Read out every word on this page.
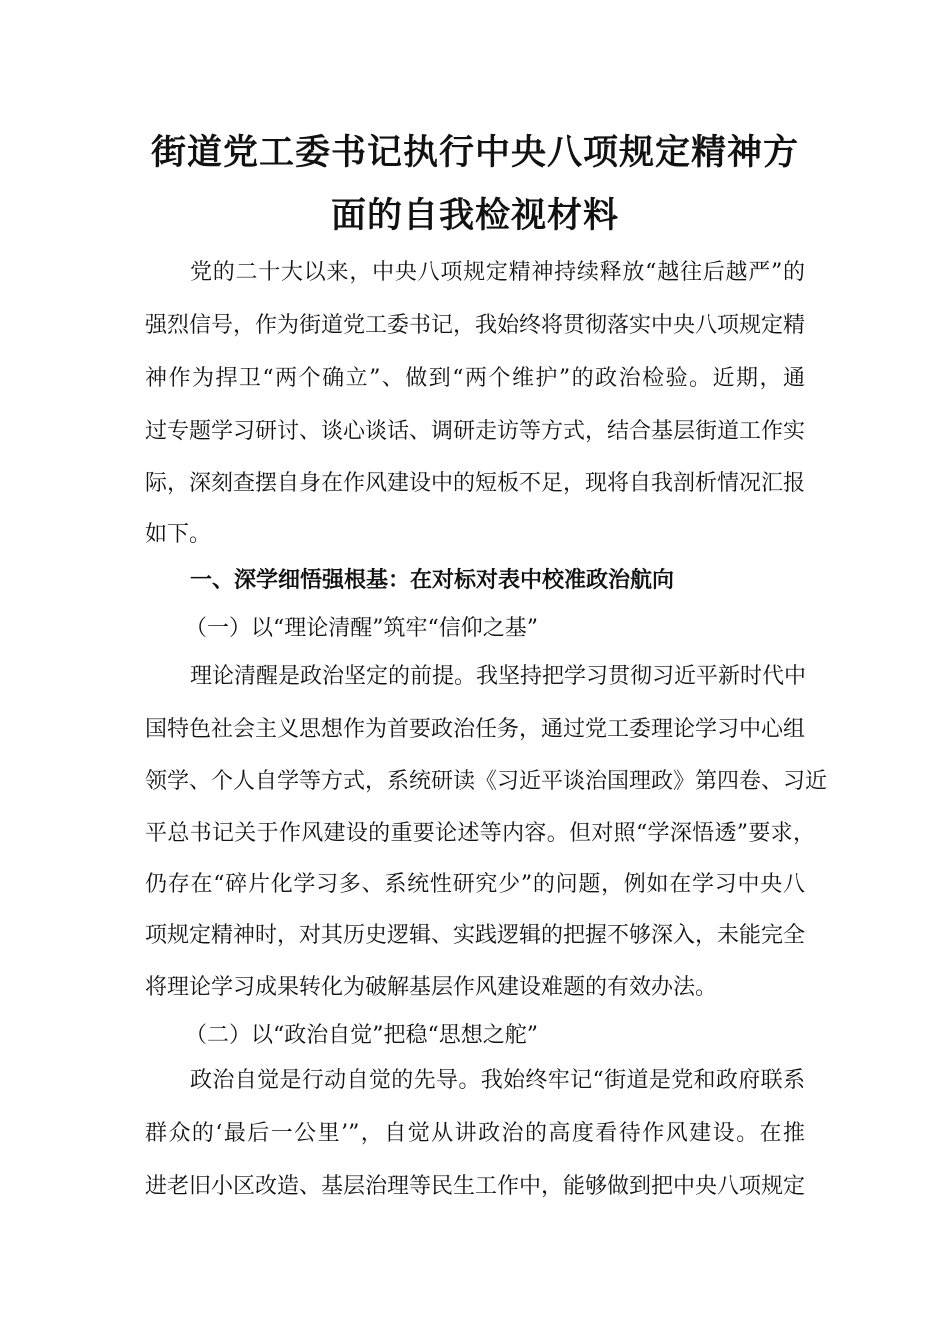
街道党工委书记执行中央八项规定精神方
面的自我检视材料
党的二十大以来，中央八项规定精神持续释放“越往后越严”的
强烈信号，作为街道党工委书记，我始终将贯彻落实中央八项规定精
神作为捍卫“两个确立”、做到“两个维护”的政治检验。近期，通
过专题学习研讨、谈心谈话、调研走访等方式，结合基层街道工作实
际，深刻查摆自身在作风建设中的短板不足，现将自我剖析情况汇报
如下。
一、深学细悟强根基：在对标对表中校准政治航向
（一）以“理论清醒”筑牢“信仰之基”
理论清醒是政治坚定的前提。我坚持把学习贯彻习近平新时代中
国特色社会主义思想作为首要政治任务，通过党工委理论学习中心组
领学、个人自学等方式，系统研读《习近平谈治国理政》第四卷、习近
平总书记关于作风建设的重要论述等内容。但对照“学深悟透”要求，
仍存在“碎片化学习多、系统性研究少”的问题，例如在学习中央八
项规定精神时，对其历史逻辑、实践逻辑的把握不够深入，未能完全
将理论学习成果转化为破解基层作风建设难题的有效办法。
（二）以“政治自觉”把稳“思想之舵”
政治自觉是行动自觉的先导。我始终牢记“街道是党和政府联系
群众的‘最后一公里’”，自觉从讲政治的高度看待作风建设。在推
进老旧小区改造、基层治理等民生工作中，能够做到把中央八项规定
